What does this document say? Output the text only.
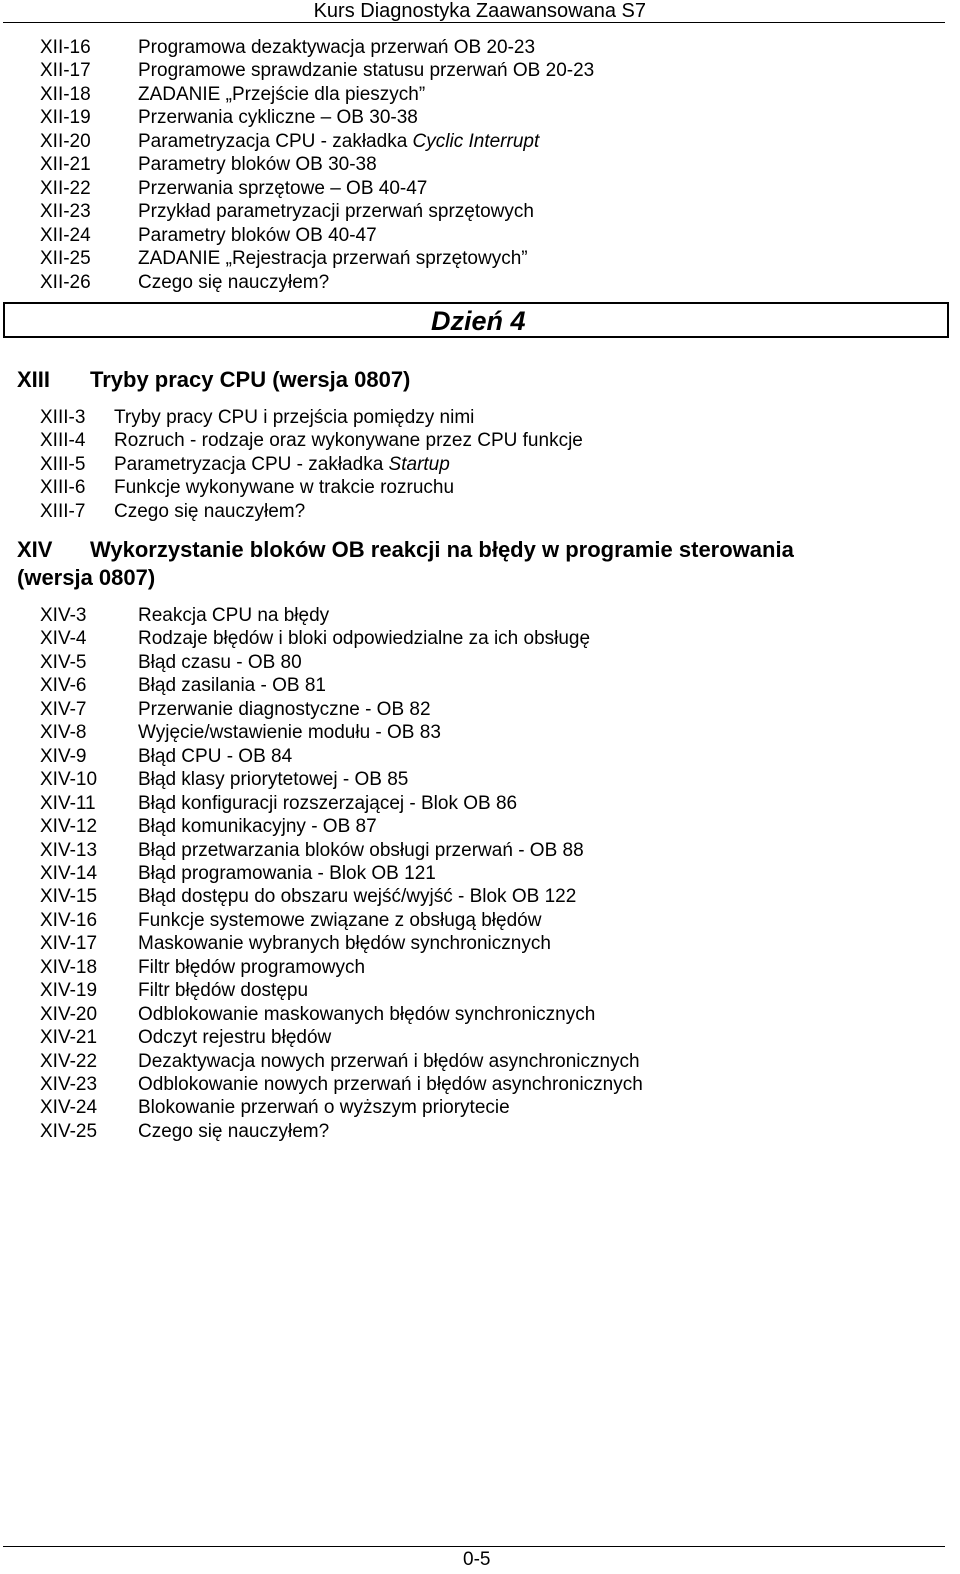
Kurs Diagnostyka Zaawansowana S7
XII-16 Programowa dezaktywacja przerwań OB 20-23
XII-17 Programowe sprawdzanie statusu przerwań OB 20-23
XII-18 ZADANIE „Przejście dla pieszych”
XII-19 Przerwania cykliczne – OB 30-38
XII-20 Parametryzacja CPU - zakładka Cyclic Interrupt
XII-21 Parametry bloków OB 30-38
XII-22 Przerwania sprzętowe – OB 40-47
XII-23 Przykład parametryzacji przerwań sprzętowych
XII-24 Parametry bloków OB 40-47
XII-25 ZADANIE „Rejestracja przerwań sprzętowych”
XII-26 Czego się nauczyłem?
Dzień 4
XIII Tryby pracy CPU (wersja 0807)
XIII-3 Tryby pracy CPU i przejścia pomiędzy nimi
XIII-4 Rozruch - rodzaje oraz wykonywane przez CPU funkcje
XIII-5 Parametryzacja CPU - zakładka Startup
XIII-6 Funkcje wykonywane w trakcie rozruchu
XIII-7 Czego się nauczyłem?
XIV Wykorzystanie bloków OB reakcji na błędy w programie sterowania
(wersja 0807)
XIV-3	Reakcja CPU na błędy
XIV-4	Rodzaje błędów i bloki odpowiedzialne za ich obsługę
XIV-5	Błąd czasu - OB 80
XIV-6	Błąd zasilania - OB 81
XIV-7	Przerwanie diagnostyczne - OB 82
XIV-8	Wyjęcie/wstawienie modułu - OB 83
XIV-9	Błąd CPU - OB 84
XIV-10 Błąd klasy priorytetowej - OB 85
XIV-11 Błąd konfiguracji rozszerzającej - Blok OB 86
XIV-12 Błąd komunikacyjny - OB 87
XIV-13 Błąd przetwarzania bloków obsługi przerwań - OB 88
XIV-14 Błąd programowania - Blok OB 121
XIV-15 Błąd dostępu do obszaru wejść/wyjść - Blok OB 122
XIV-16 Funkcje systemowe związane z obsługą błędów
XIV-17 Maskowanie wybranych błędów synchronicznych
XIV-18 Filtr błędów programowych
XIV-19 Filtr błędów dostępu
XIV-20 Odblokowanie maskowanych błędów synchronicznych
XIV-21 Odczyt rejestru błędów
XIV-22 Dezaktywacja nowych przerwań i błędów asynchronicznych
XIV-23 Odblokowanie nowych przerwań i błędów asynchronicznych
XIV-24 Blokowanie przerwań o wyższym priorytecie
XIV-25 Czego się nauczyłem?
0-5
